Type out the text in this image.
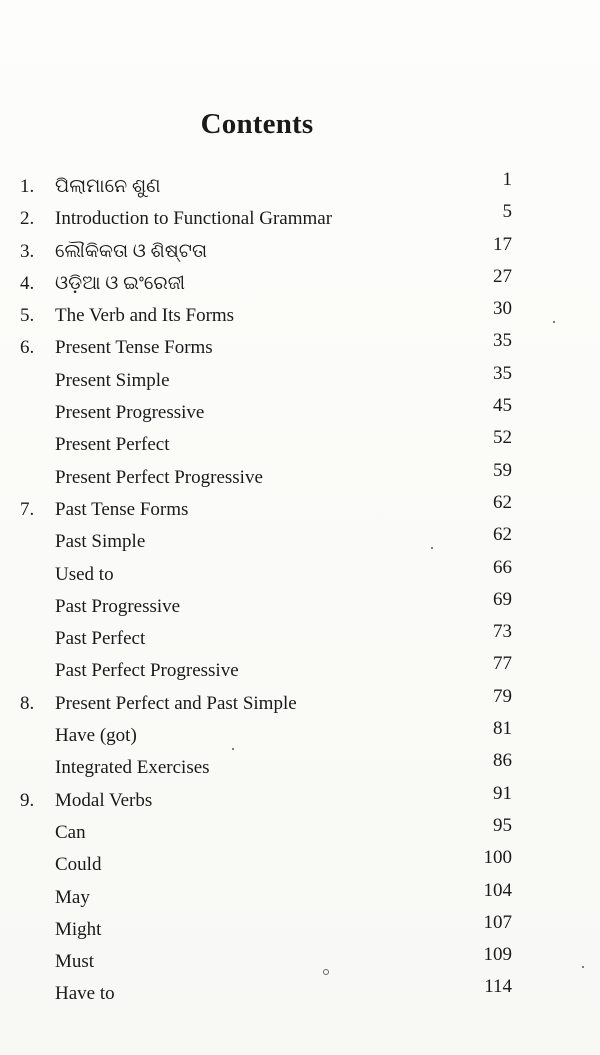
Contents
1.	ପିଲାମାନେ ଶୁଣ	1
2.	Introduction to Functional Grammar	5
3.	ଲୌକିକତା ଓ ଶିଷ୍ଟତା	17
4.	ଓଡ଼ିଆ ଓ ଇଂରେଜୀ	27
5.	The Verb and Its Forms	30
6.	Present Tense Forms	35
Present Simple	35
Present Progressive	45
Present Perfect	52
Present Perfect Progressive	59
7.	Past Tense Forms	62
Past Simple	62
Used to	66
Past Progressive	69
Past Perfect	73
Past Perfect Progressive	77
8.	Present Perfect and Past Simple	79
Have (got)	81
Integrated Exercises	86
9.	Modal Verbs	91
Can	95
Could	100
May	104
Might	107
Must	109
Have to	114
